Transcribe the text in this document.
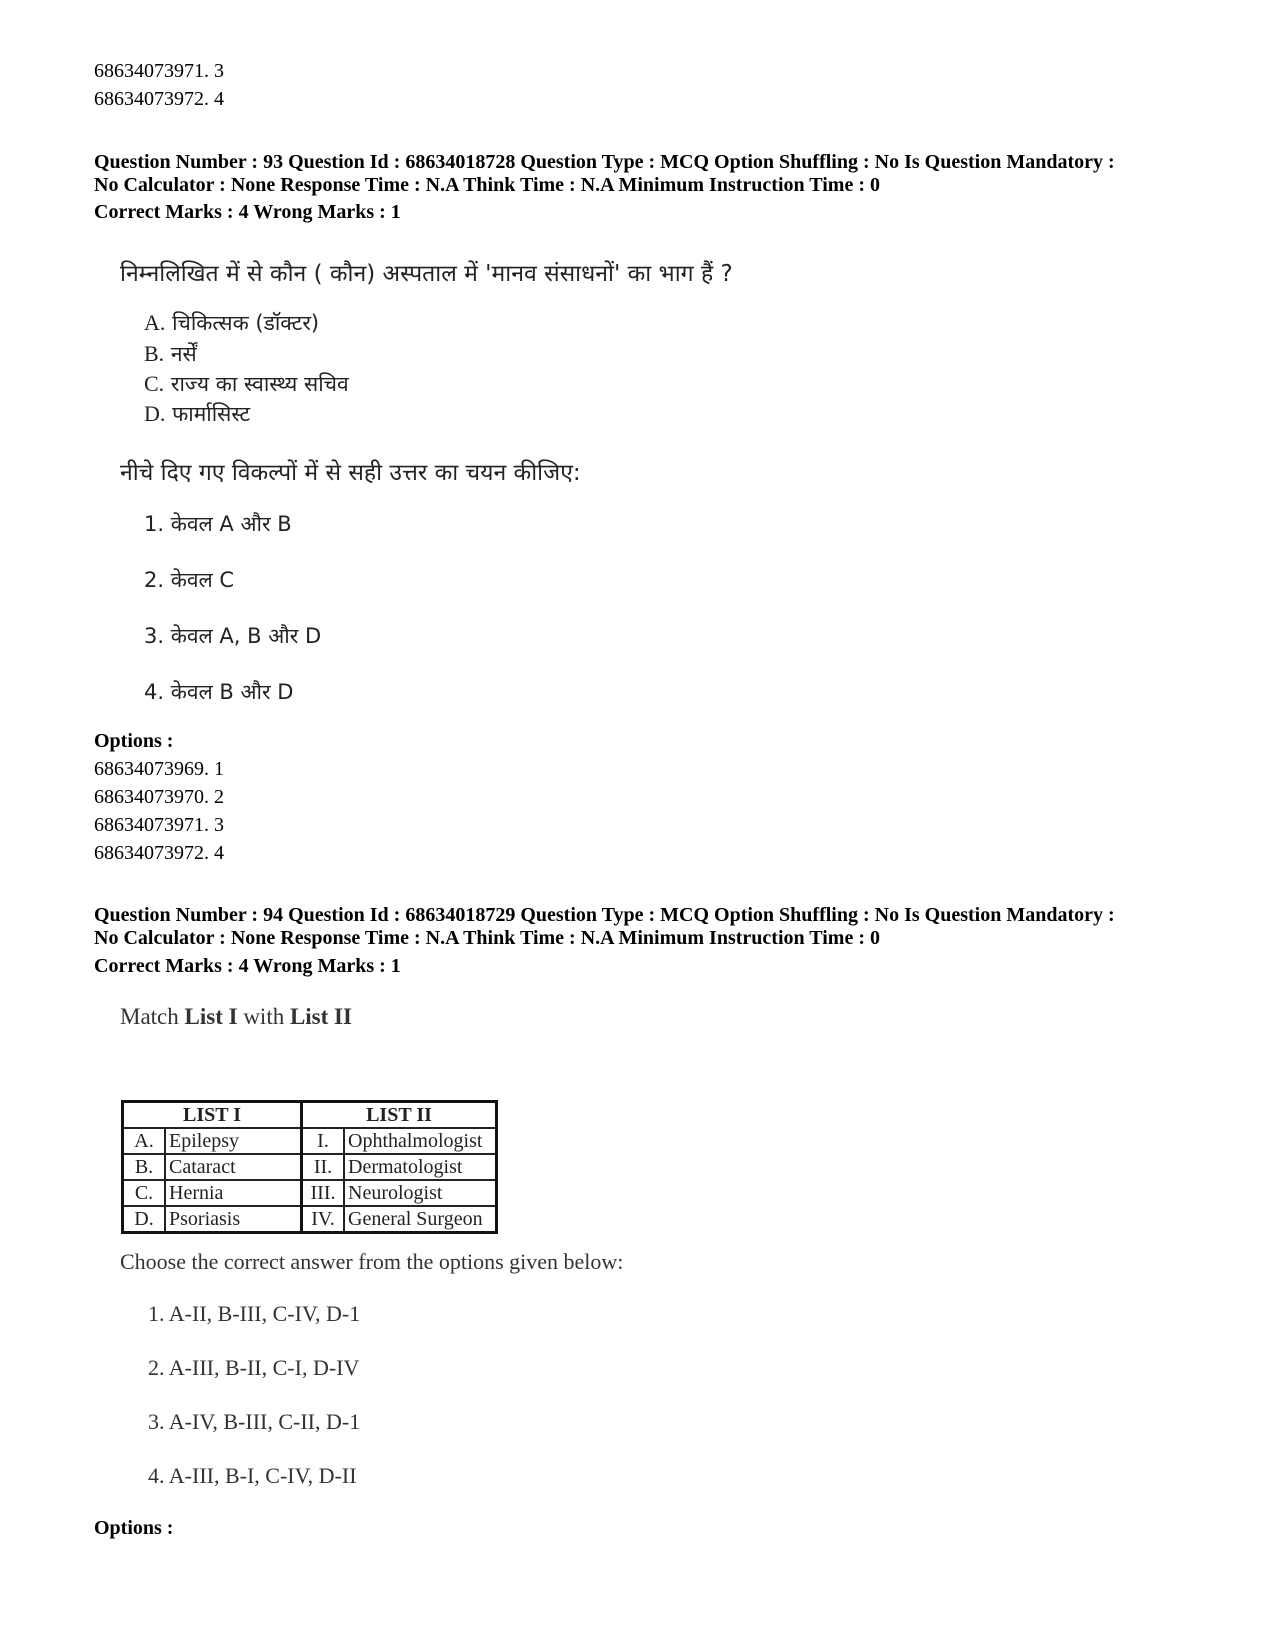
68634073971. 3
68634073972. 4
Question Number : 93 Question Id : 68634018728 Question Type : MCQ Option Shuffling : No Is Question Mandatory :
No Calculator : None Response Time : N.A Think Time : N.A Minimum Instruction Time : 0
Correct Marks : 4 Wrong Marks : 1
निम्नलिखित में से कौन ( कौन) अस्पताल में 'मानव संसाधनों' का भाग हैं ?
A. चिकित्सक (डॉक्टर)
B. नर्सें
C. राज्य का स्वास्थ्य सचिव
D. फार्मासिस्ट
नीचे दिए गए विकल्पों में से सही उत्तर का चयन कीजिए:
1. केवल A और B
2. केवल C
3. केवल A, B और D
4. केवल B और D
Options :
68634073969. 1
68634073970. 2
68634073971. 3
68634073972. 4
Question Number : 94 Question Id : 68634018729 Question Type : MCQ Option Shuffling : No Is Question Mandatory :
No Calculator : None Response Time : N.A Think Time : N.A Minimum Instruction Time : 0
Correct Marks : 4 Wrong Marks : 1
Match List I with List II
LIST I		LIST II	
A.	Epilepsy	I.	Ophthalmologist
B.	Cataract	II.	Dermatologist
C.	Hernia	III.	Neurologist
D.	Psoriasis	IV.	General Surgeon
Choose the correct answer from the options given below:
1. A-II, B-III, C-IV, D-1
2. A-III, B-II, C-I, D-IV
3. A-IV, B-III, C-II, D-1
4. A-III, B-I, C-IV, D-II
Options :
